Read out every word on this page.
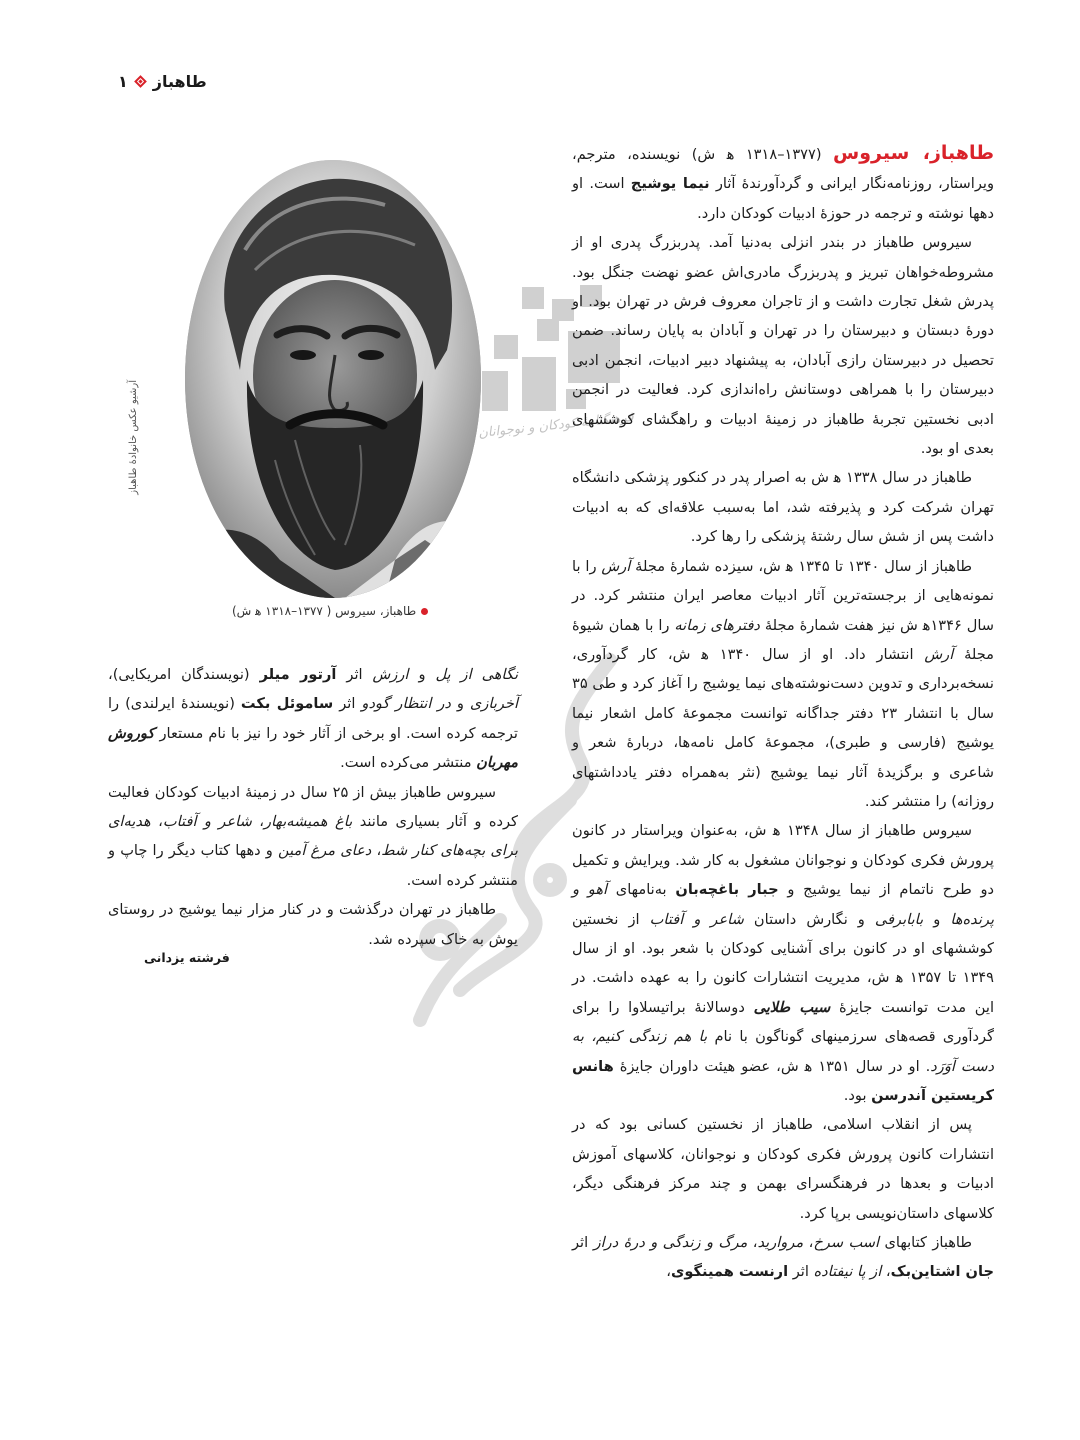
۱ طاهباز
فرهنگنامهٔ کودکان و نوجوانان
آرشیو عکس خانوادهٔ طاهباز
طاهباز، سیروس ( ۱۳۷۷–۱۳۱۸ ﻫ ش)

طاهباز، سیروس (۱۳۷۷–۱۳۱۸ ﻫ ش) نویسنده، مترجم، ویراستار، روزنامه‌نگار ایرانی و گردآورندهٔ آثار نیما یوشیج است. او دهها نوشته و ترجمه در حوزهٔ ادبیات کودکان دارد.

سیروس طاهباز در بندر انزلی به‌دنیا آمد. پدربزرگ پدری او از مشروطه‌خواهان تبریز و پدربزرگ مادری‌اش عضو نهضت جنگل بود. پدرش شغل تجارت داشت و از تاجران معروف فرش در تهران بود. او دورهٔ دبستان و دبیرستان را در تهران و آبادان به پایان رساند. ضمن تحصیل در دبیرستان رازی آبادان، به پیشنهاد دبیر ادبیات، انجمن ادبی دبیرستان را با همراهی دوستانش راه‌اندازی کرد. فعالیت در انجمن ادبی نخستین تجربهٔ طاهباز در زمینهٔ ادبیات و راهگشای کوششهای بعدی او بود.

طاهباز در سال ۱۳۳۸ ﻫ ش به اصرار پدر در کنکور پزشکی دانشگاه تهران شرکت کرد و پذیرفته شد، اما به‌سبب علاقه‌ای که به ادبیات داشت پس از شش سال رشتهٔ پزشکی را رها کرد.

طاهباز از سال ۱۳۴۰ تا ۱۳۴۵ ﻫ ش، سیزده شمارهٔ مجلهٔ آرش را با نمونه‌هایی از برجسته‌ترین آثار ادبیات معاصر ایران منتشر کرد. در سال ۱۳۴۶ﻫ ش نیز هفت شمارهٔ مجلهٔ دفترهای زمانه را با همان شیوهٔ مجلهٔ آرش انتشار داد. او از سال ۱۳۴۰ ﻫ ش، کار گردآوری، نسخه‌برداری و تدوین دست‌نوشته‌های نیما یوشیج را آغاز کرد و طی ۳۵ سال با انتشار ۲۳ دفتر جداگانه توانست مجموعهٔ کامل اشعار نیما یوشیج (فارسی و طبری)، مجموعهٔ کامل نامه‌ها، دربارهٔ شعر و شاعری و برگزیدهٔ آثار نیما یوشیج (نثر به‌همراه دفتر یادداشتهای روزانه) را منتشر کند.

سیروس طاهباز از سال ۱۳۴۸ ﻫ ش، به‌عنوان ویراستار در کانون پرورش فکری کودکان و نوجوانان مشغول به کار شد. ویرایش و تکمیل دو طرح ناتمام از نیما یوشیج و جبار باغچه‌بان به‌نامهای آهو و پرنده‌ها و بابابرفی و نگارش داستان شاعر و آفتاب از نخستین کوششهای او در کانون برای آشنایی کودکان با شعر بود. او از سال ۱۳۴۹ تا ۱۳۵۷ ﻫ ش، مدیریت انتشارات کانون را به عهده داشت. در این مدت توانست جایزهٔ سیب طلایی دوسالانهٔ براتیسلاوا را برای گردآوری قصه‌های سرزمینهای گوناگون با نام با هم زندگی کنیم، به دست آوَرَد. او در سال ۱۳۵۱ ﻫ ش، عضو هیئت داوران جایزهٔ هانس کریستین آندرسن بود.

پس از انقلاب اسلامی، طاهباز از نخستین کسانی بود که در انتشارات کانون پرورش فکری کودکان و نوجوانان، کلاسهای آموزش ادبیات و بعدها در فرهنگسرای بهمن و چند مرکز فرهنگی دیگر، کلاسهای داستان‌نویسی برپا کرد.

طاهباز کتابهای اسب سرخ، مروارید، مرگ و زندگی و درهٔ دراز اثر جان اشتاین‌بک، از پا نیفتاده اثر ارنست همینگوی،

نگاهی از پل و ارزش اثر آرتور میلر (نویسندگان امریکایی)، آخربازی و در انتظار گودو اثر ساموئل بکت (نویسندهٔ ایرلندی) را ترجمه کرده است. او برخی از آثار خود را نیز با نام مستعار کوروش مهربان منتشر می‌کرده است.

سیروس طاهباز بیش از ۲۵ سال در زمینهٔ ادبیات کودکان فعالیت کرده و آثار بسیاری مانند باغ همیشه‌بهار، شاعر و آفتاب، هدیه‌ای برای بچه‌های کنار شط، دعای مرغ آمین و دهها کتاب دیگر را چاپ و منتشر کرده است.

طاهباز در تهران درگذشت و در کنار مزار نیما یوشیج در روستای یوش به خاک سپرده شد.

فرشته یزدانی
